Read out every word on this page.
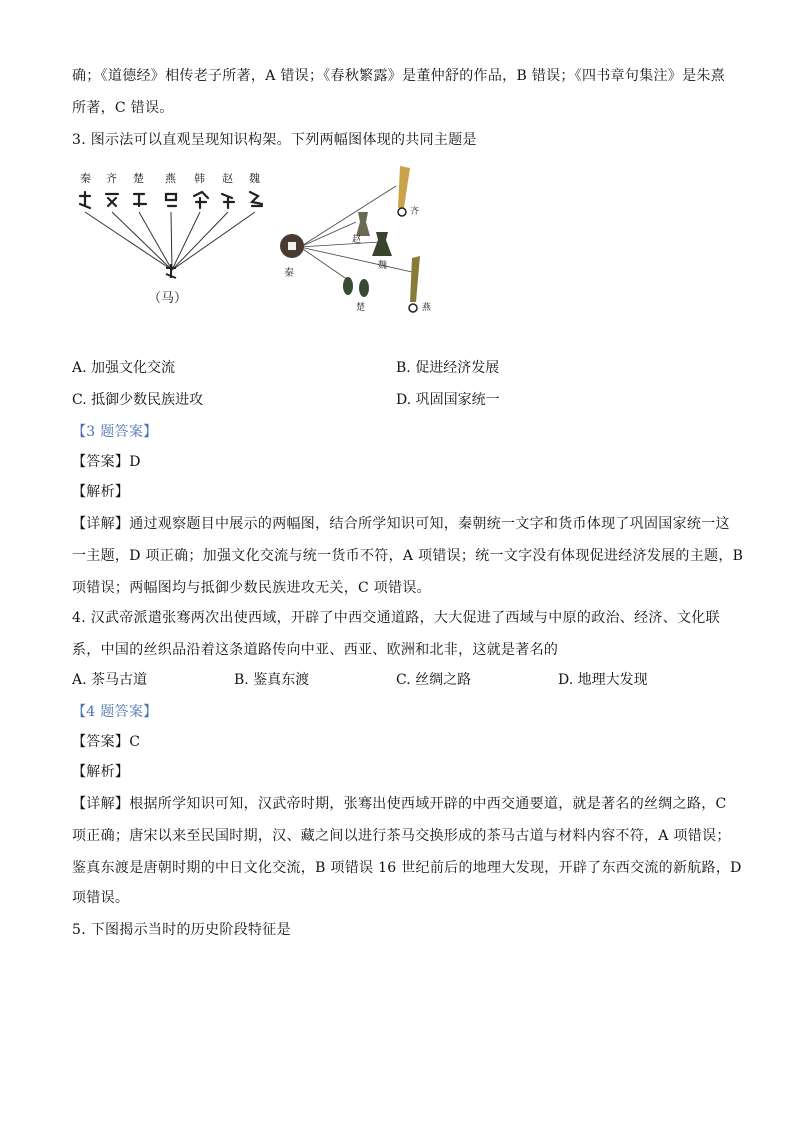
确；《道德经》相传老子所著，A 错误；《春秋繁露》是董仲舒的作品，B 错误；《四书章句集注》是朱熹
所著，C 错误。
3. 图示法可以直观呈现知识构架。下列两幅图体现的共同主题是
秦 齐 楚 燕 韩 赵 魏
（马）
秦
齐
赵
魏
楚	燕
A. 加强文化交流	B. 促进经济发展
C. 抵御少数民族进攻	D. 巩固国家统一
【3 题答案】
【答案】D
【解析】
【详解】通过观察题目中展示的两幅图，结合所学知识可知，秦朝统一文字和货币体现了巩固国家统一这
一主题，D 项正确；加强文化交流与统一货币不符，A 项错误；统一文字没有体现促进经济发展的主题，B
项错误；两幅图均与抵御少数民族进攻无关，C 项错误。
4. 汉武帝派遣张骞两次出使西域，开辟了中西交通道路，大大促进了西域与中原的政治、经济、文化联
系，中国的丝织品沿着这条道路传向中亚、西亚、欧洲和北非，这就是著名的
A. 茶马古道	B. 鉴真东渡	C. 丝绸之路	D. 地理大发现
【4 题答案】
【答案】C
【解析】
【详解】根据所学知识可知，汉武帝时期，张骞出使西域开辟的中西交通要道，就是著名的丝绸之路，C
项正确；唐宋以来至民国时期，汉、藏之间以进行茶马交换形成的茶马古道与材料内容不符，A 项错误；
鉴真东渡是唐朝时期的中日文化交流，B 项错误 16 世纪前后的地理大发现，开辟了东西交流的新航路，D
项错误。
5. 下图揭示当时的历史阶段特征是
